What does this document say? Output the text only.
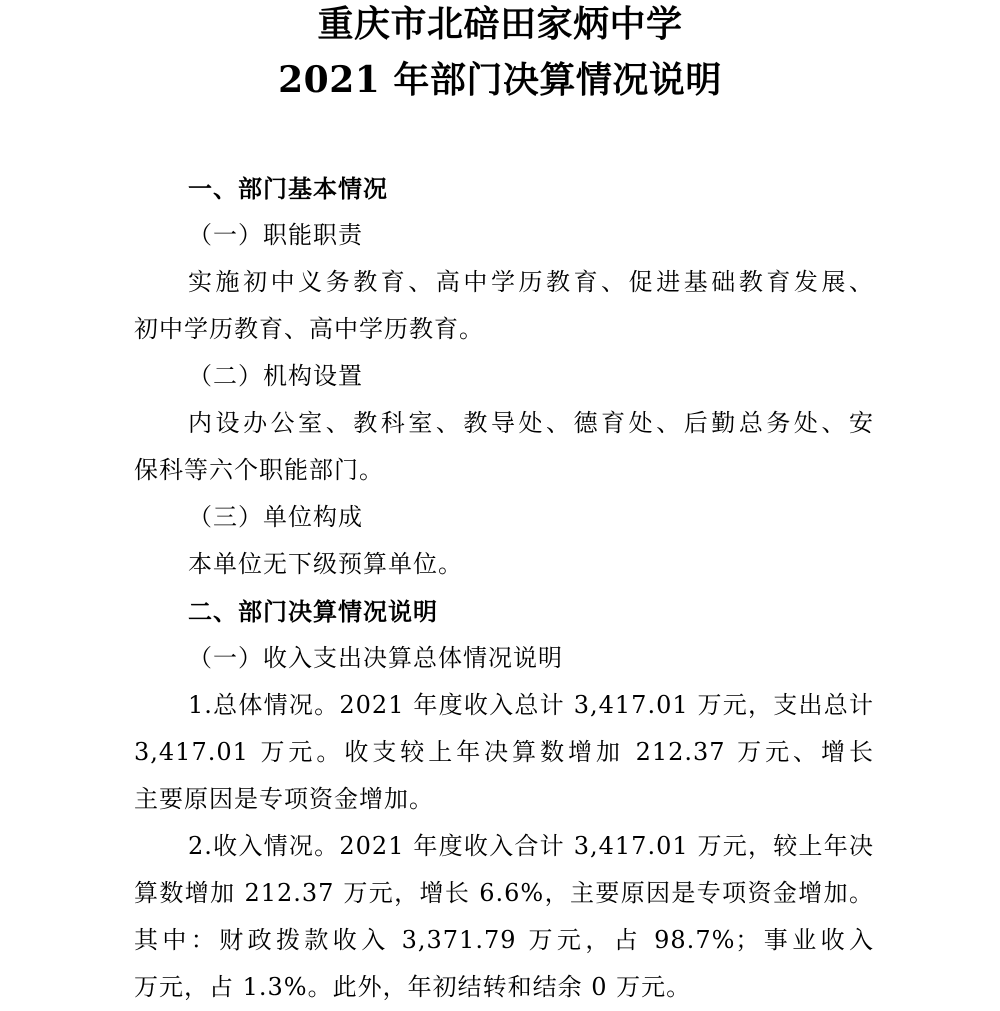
重庆市北碚田家炳中学
2021 年部门决算情况说明
一、部门基本情况
（一）职能职责
实施初中义务教育、高中学历教育、促进基础教育发展、
初中学历教育、高中学历教育。
（二）机构设置
内设办公室、教科室、教导处、德育处、后勤总务处、安
保科等六个职能部门。
（三）单位构成
本单位无下级预算单位。
二、部门决算情况说明
（一）收入支出决算总体情况说明
1.总体情况。2021 年度收入总计 3,417.01 万元，支出总计
3,417.01 万元。收支较上年决算数增加 212.37 万元、增长
主要原因是专项资金增加。
2.收入情况。2021 年度收入合计 3,417.01 万元，较上年决
算数增加 212.37 万元，增长 6.6%，主要原因是专项资金增加。
其中：财政拨款收入 3,371.79 万元，占 98.7%；事业收入
万元，占 1.3%。此外，年初结转和结余 0 万元。
